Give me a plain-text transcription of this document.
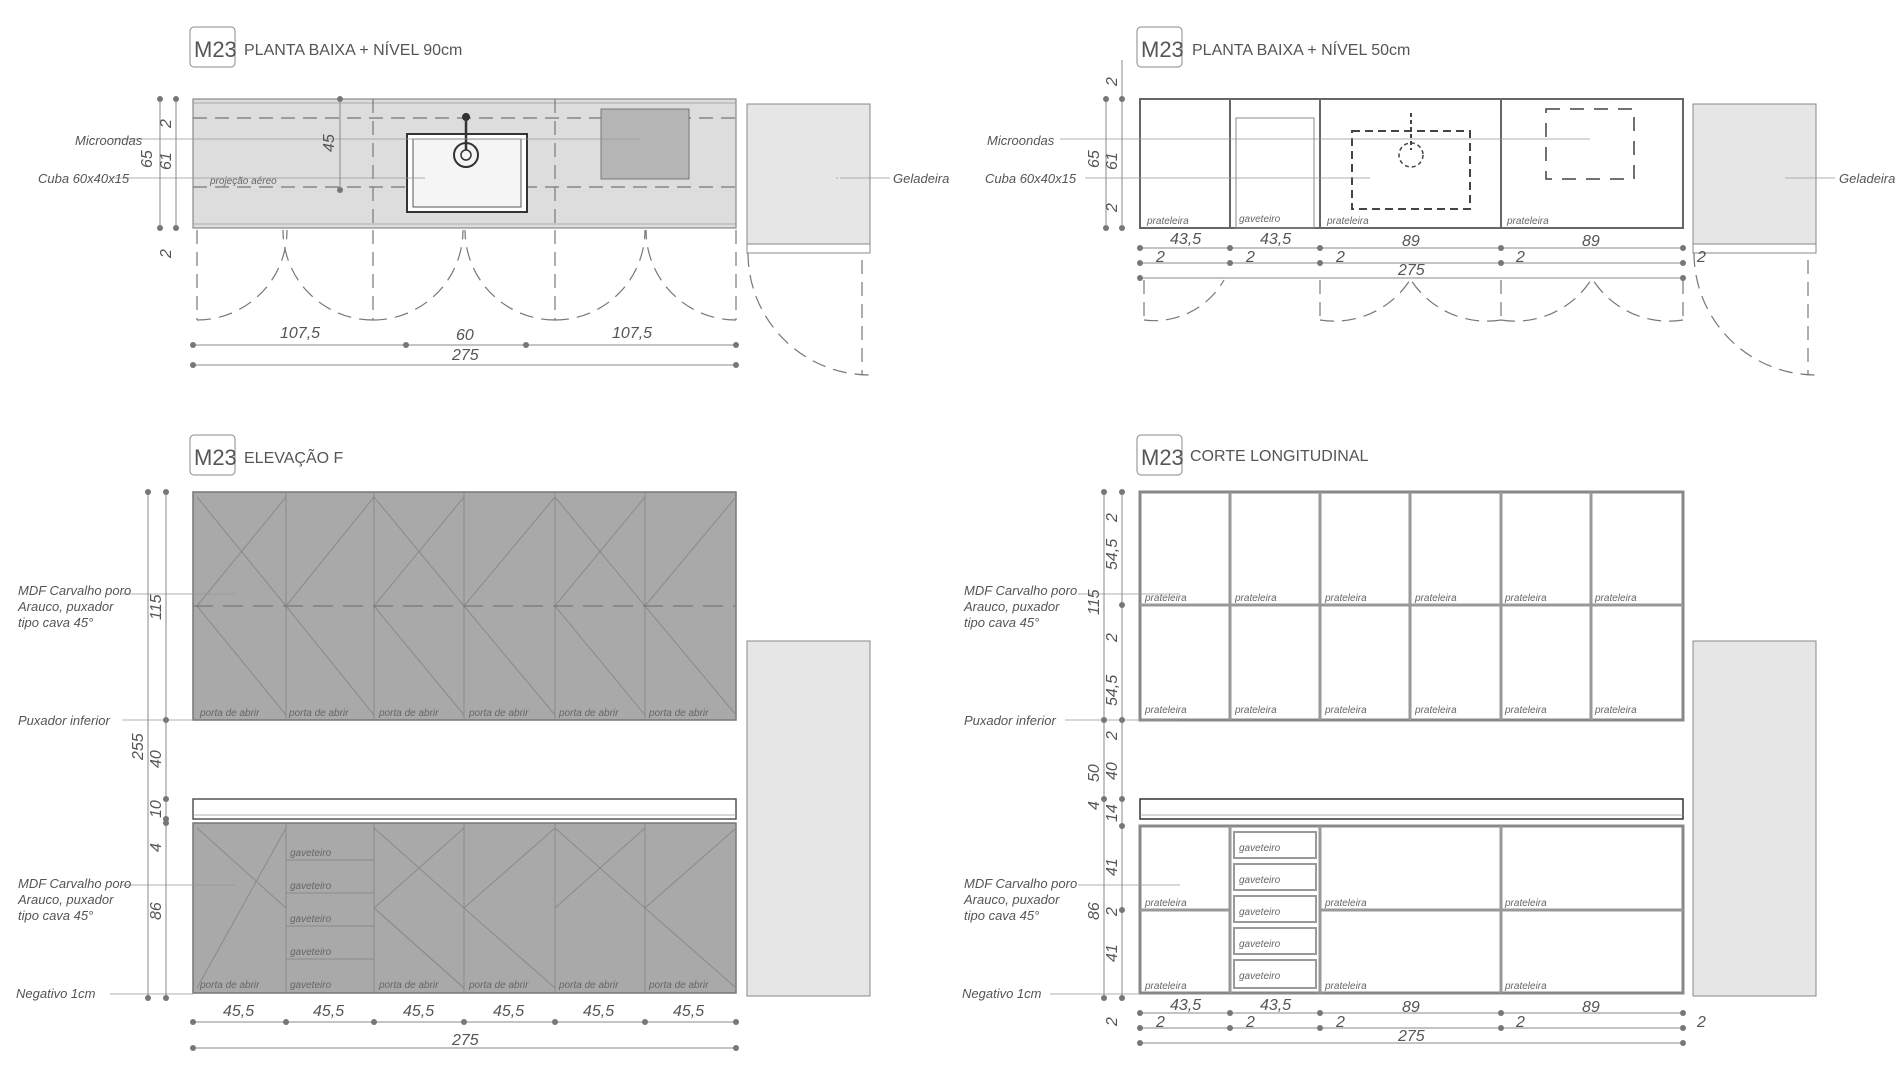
M23 PLANTA BAIXA + NÍVEL 90cm
Microondas
Cuba 60x40x15	Geladeira
projeção aéreo
2
65 61
2
45
107,5	60	107,5
275
M23 PLANTA BAIXA + NÍVEL 50cm
prateleira	gaveteiro	prateleira	prateleira
Microondas
Cuba 60x40x15	Geladeira
2
65 61
2
43,5	43,5	89	89
2	2	2	2	2
275
M23 ELEVAÇÃO F
porta de abrir	porta de abrir	porta de abrir	porta de abrir	porta de abrir	porta de abrir
gaveteiro
gaveteiro
gaveteiro
gaveteiro
gaveteiro
porta de abrir	porta de abrir	porta de abrir	porta de abrir	porta de abrir
MDF Carvalho poro
Arauco, puxador
tipo cava 45°
Puxador inferior
MDF Carvalho poro
Arauco, puxador
tipo cava 45°
Negativo 1cm
115
255 40
10
4
86
45,5	45,5	45,5	45,5	45,5	45,5
275
M23 CORTE LONGITUDINAL
prateleira	prateleira	prateleira	prateleira	prateleira	prateleira
prateleira	prateleira	prateleira	prateleira	prateleira	prateleira
gaveteiro
gaveteiro
gaveteiro
gaveteiro
gaveteiro
prateleira	prateleira	prateleira
prateleira	prateleira	prateleira
MDF Carvalho poro
Arauco, puxador
tipo cava 45°
Puxador inferior
MDF Carvalho poro
Arauco, puxador
tipo cava 45°
Negativo 1cm
2
54,5
115
2
54,5
50
2
40
4 14
41
86 2
41
2
43,5	43,5	89	89
2	2	2	2	2
275
